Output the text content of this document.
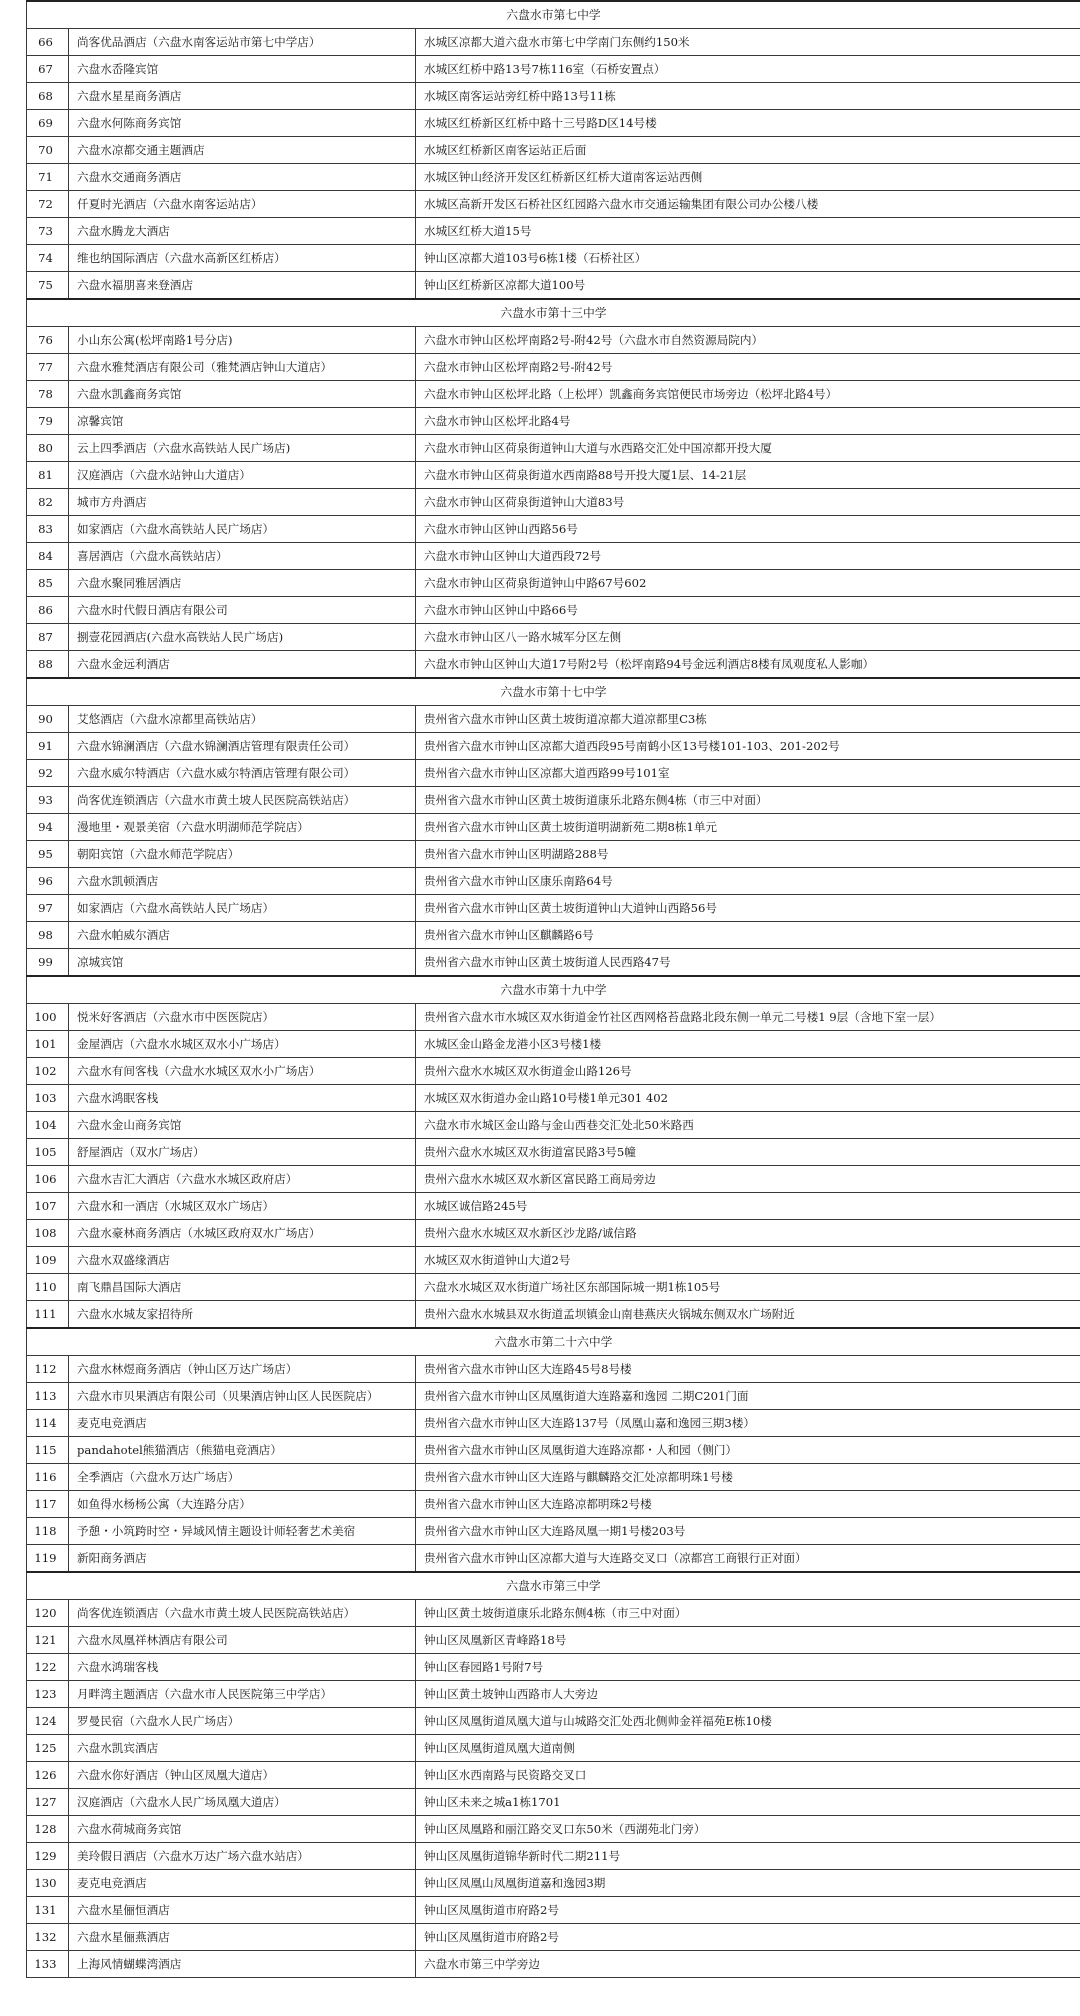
六盘水市第七中学		
66	尚客优品酒店（六盘水南客运站市第七中学店）	水城区凉都大道六盘水市第七中学南门东侧约150米
67	六盘水岙隆宾馆	水城区红桥中路13号7栋116室（石桥安置点）
68	六盘水星星商务酒店	水城区南客运站旁红桥中路13号11栋
69	六盘水何陈商务宾馆	水城区红桥新区红桥中路十三号路D区14号楼
70	六盘水凉都交通主题酒店	水城区红桥新区南客运站正后面
71	六盘水交通商务酒店	水城区钟山经济开发区红桥新区红桥大道南客运站西侧
72	仟夏时光酒店（六盘水南客运站店）	水城区高新开发区石桥社区红园路六盘水市交通运输集团有限公司办公楼八楼
73	六盘水腾龙大酒店	水城区红桥大道15号
74	维也纳国际酒店（六盘水高新区红桥店）	钟山区凉都大道103号6栋1楼（石桥社区）
75	六盘水福朋喜来登酒店	钟山区红桥新区凉都大道100号
六盘水市第十三中学		
76	小山东公寓(松坪南路1号分店)	六盘水市钟山区松坪南路2号-附42号（六盘水市自然资源局院内）
77	六盘水雅梵酒店有限公司（雅梵酒店钟山大道店）	六盘水市钟山区松坪南路2号-附42号
78	六盘水凯鑫商务宾馆	六盘水市钟山区松坪北路（上松坪）凯鑫商务宾馆便民市场旁边（松坪北路4号）
79	凉馨宾馆	六盘水市钟山区松坪北路4号
80	云上四季酒店（六盘水高铁站人民广场店)	六盘水市钟山区荷泉街道钟山大道与水西路交汇处中国凉都开投大厦
81	汉庭酒店（六盘水站钟山大道店）	六盘水市钟山区荷泉街道水西南路88号开投大厦1层、14-21层
82	城市方舟酒店	六盘水市钟山区荷泉街道钟山大道83号
83	如家酒店（六盘水高铁站人民广场店）	六盘水市钟山区钟山西路56号
84	喜居酒店（六盘水高铁站店）	六盘水市钟山区钟山大道西段72号
85	六盘水聚同雅居酒店	六盘水市钟山区荷泉街道钟山中路67号602
86	六盘水时代假日酒店有限公司	六盘水市钟山区钟山中路66号
87	捌壹花园酒店(六盘水高铁站人民广场店)	六盘水市钟山区八一路水城军分区左侧
88	六盘水金远利酒店	六盘水市钟山区钟山大道17号附2号（松坪南路94号金远利酒店8楼有凤观度私人影咖）
六盘水市第十七中学		
90	艾悠酒店（六盘水凉都里高铁站店）	贵州省六盘水市钟山区黄土坡街道凉都大道凉都里C3栋
91	六盘水锦澜酒店（六盘水锦澜酒店管理有限责任公司）	贵州省六盘水市钟山区凉都大道西段95号南鹤小区13号楼101-103、201-202号
92	六盘水威尔特酒店（六盘水威尔特酒店管理有限公司）	贵州省六盘水市钟山区凉都大道西路99号101室
93	尚客优连锁酒店（六盘水市黄土坡人民医院高铁站店）	贵州省六盘水市钟山区黄土坡街道康乐北路东侧4栋（市三中对面）
94	漫地里・观景美宿（六盘水明湖师范学院店）	贵州省六盘水市钟山区黄土坡街道明湖新苑二期8栋1单元
95	朝阳宾馆（六盘水师范学院店）	贵州省六盘水市钟山区明湖路288号
96	六盘水凯顿酒店	贵州省六盘水市钟山区康乐南路64号
97	如家酒店（六盘水高铁站人民广场店）	贵州省六盘水市钟山区黄土坡街道钟山大道钟山西路56号
98	六盘水帕威尔酒店	贵州省六盘水市钟山区麒麟路6号
99	凉城宾馆	贵州省六盘水市钟山区黄土坡街道人民西路47号
六盘水市第十九中学		
100	悦米好客酒店（六盘水市中医医院店）	贵州省六盘水市水城区双水街道金竹社区西网格苔盘路北段东侧一单元二号楼1 9层（含地下室一层）
101	金屋酒店（六盘水水城区双水小广场店）	水城区金山路金龙港小区3号楼1楼
102	六盘水有间客栈（六盘水水城区双水小广场店）	贵州六盘水水城区双水街道金山路126号
103	六盘水鸿眠客栈	水城区双水街道办金山路10号楼1单元301 402
104	六盘水金山商务宾馆	六盘水市水城区金山路与金山西巷交汇处北50米路西
105	舒屋酒店（双水广场店）	贵州六盘水水城区双水街道富民路3号5幢
106	六盘水吉汇大酒店（六盘水水城区政府店）	贵州六盘水水城区双水新区富民路工商局旁边
107	六盘水和一酒店（水城区双水广场店）	水城区诚信路245号
108	六盘水豪林商务酒店（水城区政府双水广场店）	贵州六盘水水城区双水新区沙龙路/诚信路
109	六盘水双盛缘酒店	水城区双水街道钟山大道2号
110	南飞鼎昌国际大酒店	六盘水水城区双水街道广场社区东部国际城一期1栋105号
111	六盘水水城友家招待所	贵州六盘水水城县双水街道孟坝镇金山南巷燕庆火锅城东侧双水广场附近
六盘水市第二十六中学		
112	六盘水林煜商务酒店（钟山区万达广场店）	贵州省六盘水市钟山区大连路45号8号楼
113	六盘水市贝果酒店有限公司（贝果酒店钟山区人民医院店）	贵州省六盘水市钟山区凤凰街道大连路嘉和逸园 二期C201门面
114	麦克电竞酒店	贵州省六盘水市钟山区大连路137号（凤凰山嘉和逸园三期3楼）
115	pandahotel熊猫酒店（熊猫电竞酒店）	贵州省六盘水市钟山区凤凰街道大连路凉都・人和园（侧门）
116	全季酒店（六盘水万达广场店）	贵州省六盘水市钟山区大连路与麒麟路交汇处凉都明珠1号楼
117	如鱼得水杨杨公寓（大连路分店）	贵州省六盘水市钟山区大连路凉都明珠2号楼
118	予憩・小筑跨时空・异域风情主题设计师轻奢艺术美宿	贵州省六盘水市钟山区大连路凤凰一期1号楼203号
119	新阳商务酒店	贵州省六盘水市钟山区凉都大道与大连路交叉口（凉都宫工商银行正对面）
六盘水市第三中学		
120	尚客优连锁酒店（六盘水市黄土坡人民医院高铁站店）	钟山区黄土坡街道康乐北路东侧4栋（市三中对面）
121	六盘水凤凰祥林酒店有限公司	钟山区凤凰新区青峰路18号
122	六盘水鸿瑞客栈	钟山区春园路1号附7号
123	月畔湾主题酒店（六盘水市人民医院第三中学店）	钟山区黄土坡钟山西路市人大旁边
124	罗曼民宿（六盘水人民广场店）	钟山区凤凰街道凤凰大道与山城路交汇处西北侧帅金祥福苑E栋10楼
125	六盘水凯宾酒店	钟山区凤凰街道凤凰大道南侧
126	六盘水你好酒店（钟山区凤凰大道店）	钟山区水西南路与民资路交叉口
127	汉庭酒店（六盘水人民广场凤凰大道店）	钟山区未来之城a1栋1701
128	六盘水荷城商务宾馆	钟山区凤凰路和丽江路交叉口东50米（西湖苑北门旁）
129	美玲假日酒店（六盘水万达广场六盘水站店）	钟山区凤凰街道锦华新时代二期211号
130	麦克电竞酒店	钟山区凤凰山凤凰街道嘉和逸园3期
131	六盘水星俪恒酒店	钟山区凤凰街道市府路2号
132	六盘水星俪燕酒店	钟山区凤凰街道市府路2号
133	上海风情蝴蝶湾酒店	六盘水市第三中学旁边
